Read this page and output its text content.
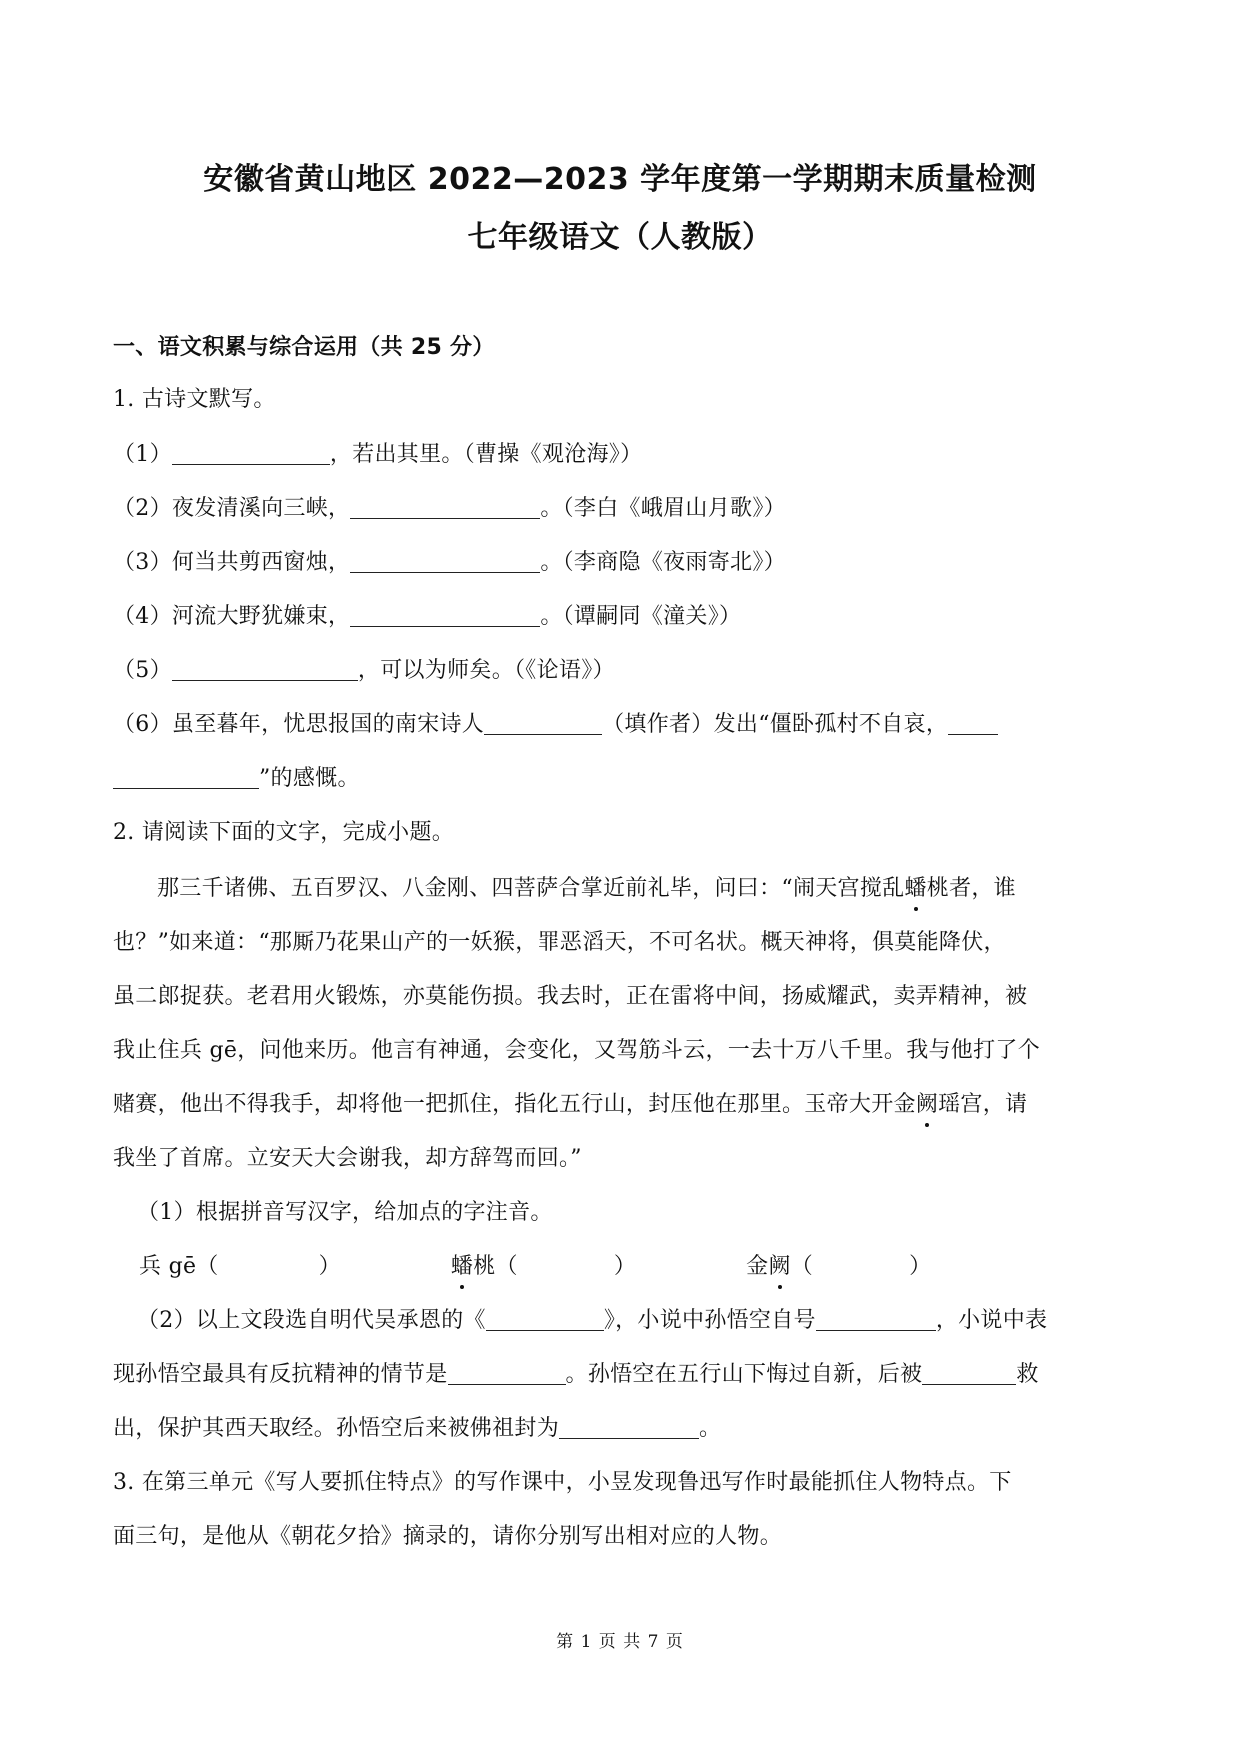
安徽省黄山地区 2022—2023 学年度第一学期期末质量检测
七年级语文（人教版）
一、语文积累与综合运用（共 25 分）
1. 古诗文默写。
（1）	，若出其里。（曹操《观沧海》）
（2）夜发清溪向三峡，	。（李白《峨眉山月歌》）
（3）何当共剪西窗烛，	。（李商隐《夜雨寄北》）
（4）河流大野犹嫌束，	。（谭嗣同《潼关》）
（5）	，可以为师矣。（《论语》）
（6）虽至暮年，忧思报国的南宋诗人	（填作者）发出“僵卧孤村不自哀，
”的感慨。
2. 请阅读下面的文字，完成小题。
那三千诸佛、五百罗汉、八金刚、四菩萨合掌近前礼毕，问曰：“闹天宫搅乱蟠桃者，谁
也？”如来道：“那厮乃花果山产的一妖猴，罪恶滔天，不可名状。概天神将，俱莫能降伏，
虽二郎捉获。老君用火锻炼，亦莫能伤损。我去时，正在雷将中间，扬威耀武，卖弄精神，被
我止住兵 gē，问他来历。他言有神通，会变化，又驾筋斗云，一去十万八千里。我与他打了个
赌赛，他出不得我手，却将他一把抓住，指化五行山，封压他在那里。玉帝大开金阙瑶宫，请
我坐了首席。立安天大会谢我，却方辞驾而回。”
（1）根据拼音写汉字，给加点的字注音。
兵 gē（	）	蟠桃（	）	金阙（	）
（2）以上文段选自明代吴承恩的《	》，小说中孙悟空自号	，小说中表
现孙悟空最具有反抗精神的情节是	。孙悟空在五行山下悔过自新，后被	救
出，保护其西天取经。孙悟空后来被佛祖封为	。
3. 在第三单元《写人要抓住特点》的写作课中，小昱发现鲁迅写作时最能抓住人物特点。下
面三句，是他从《朝花夕拾》摘录的，请你分别写出相对应的人物。
第 1 页 共 7 页
